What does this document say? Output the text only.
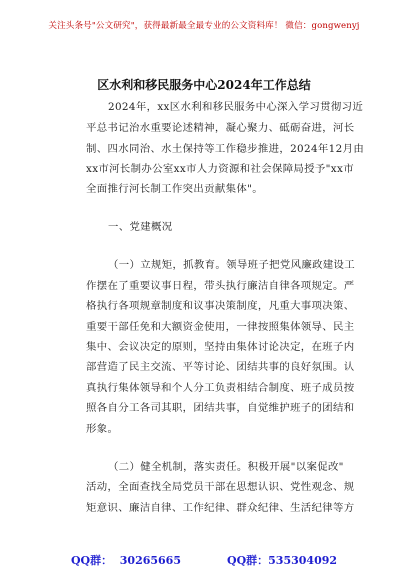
关注头条号"公文研究"，获得最新最全最专业的公文资料库！ 微信：gongwenyj
区水利和移民服务中心2024年工作总结
2024年，xx区水利和移民服务中心深入学习贯彻习近
平总书记治水重要论述精神，凝心聚力、砥砺奋进，河长
制、四水同治、水土保持等工作稳步推进，2024年12月由
xx市河长制办公室xx市人力资源和社会保障局授予"xx市
全面推行河长制工作突出贡献集体"。
一、党建概况
（一）立规矩，抓教育。领导班子把党风廉政建设工
作摆在了重要议事日程，带头执行廉洁自律各项规定。严
格执行各项规章制度和议事决策制度，凡重大事项决策、
重要干部任免和大额资金使用，一律按照集体领导、民主
集中、会议决定的原则，坚持由集体讨论决定，在班子内
部营造了民主交流、平等讨论、团结共事的良好氛围。认
真执行集体领导和个人分工负责相结合制度、班子成员按
照各自分工各司其职，团结共事，自觉维护班子的团结和
形象。
（二）健全机制，落实责任。积极开展"以案促改"
活动，全面查找全局党员干部在思想认识、党性观念、规
矩意识、廉洁自律、工作纪律、群众纪律、生活纪律等方
QQ群：  30265665	QQ群：535304092
